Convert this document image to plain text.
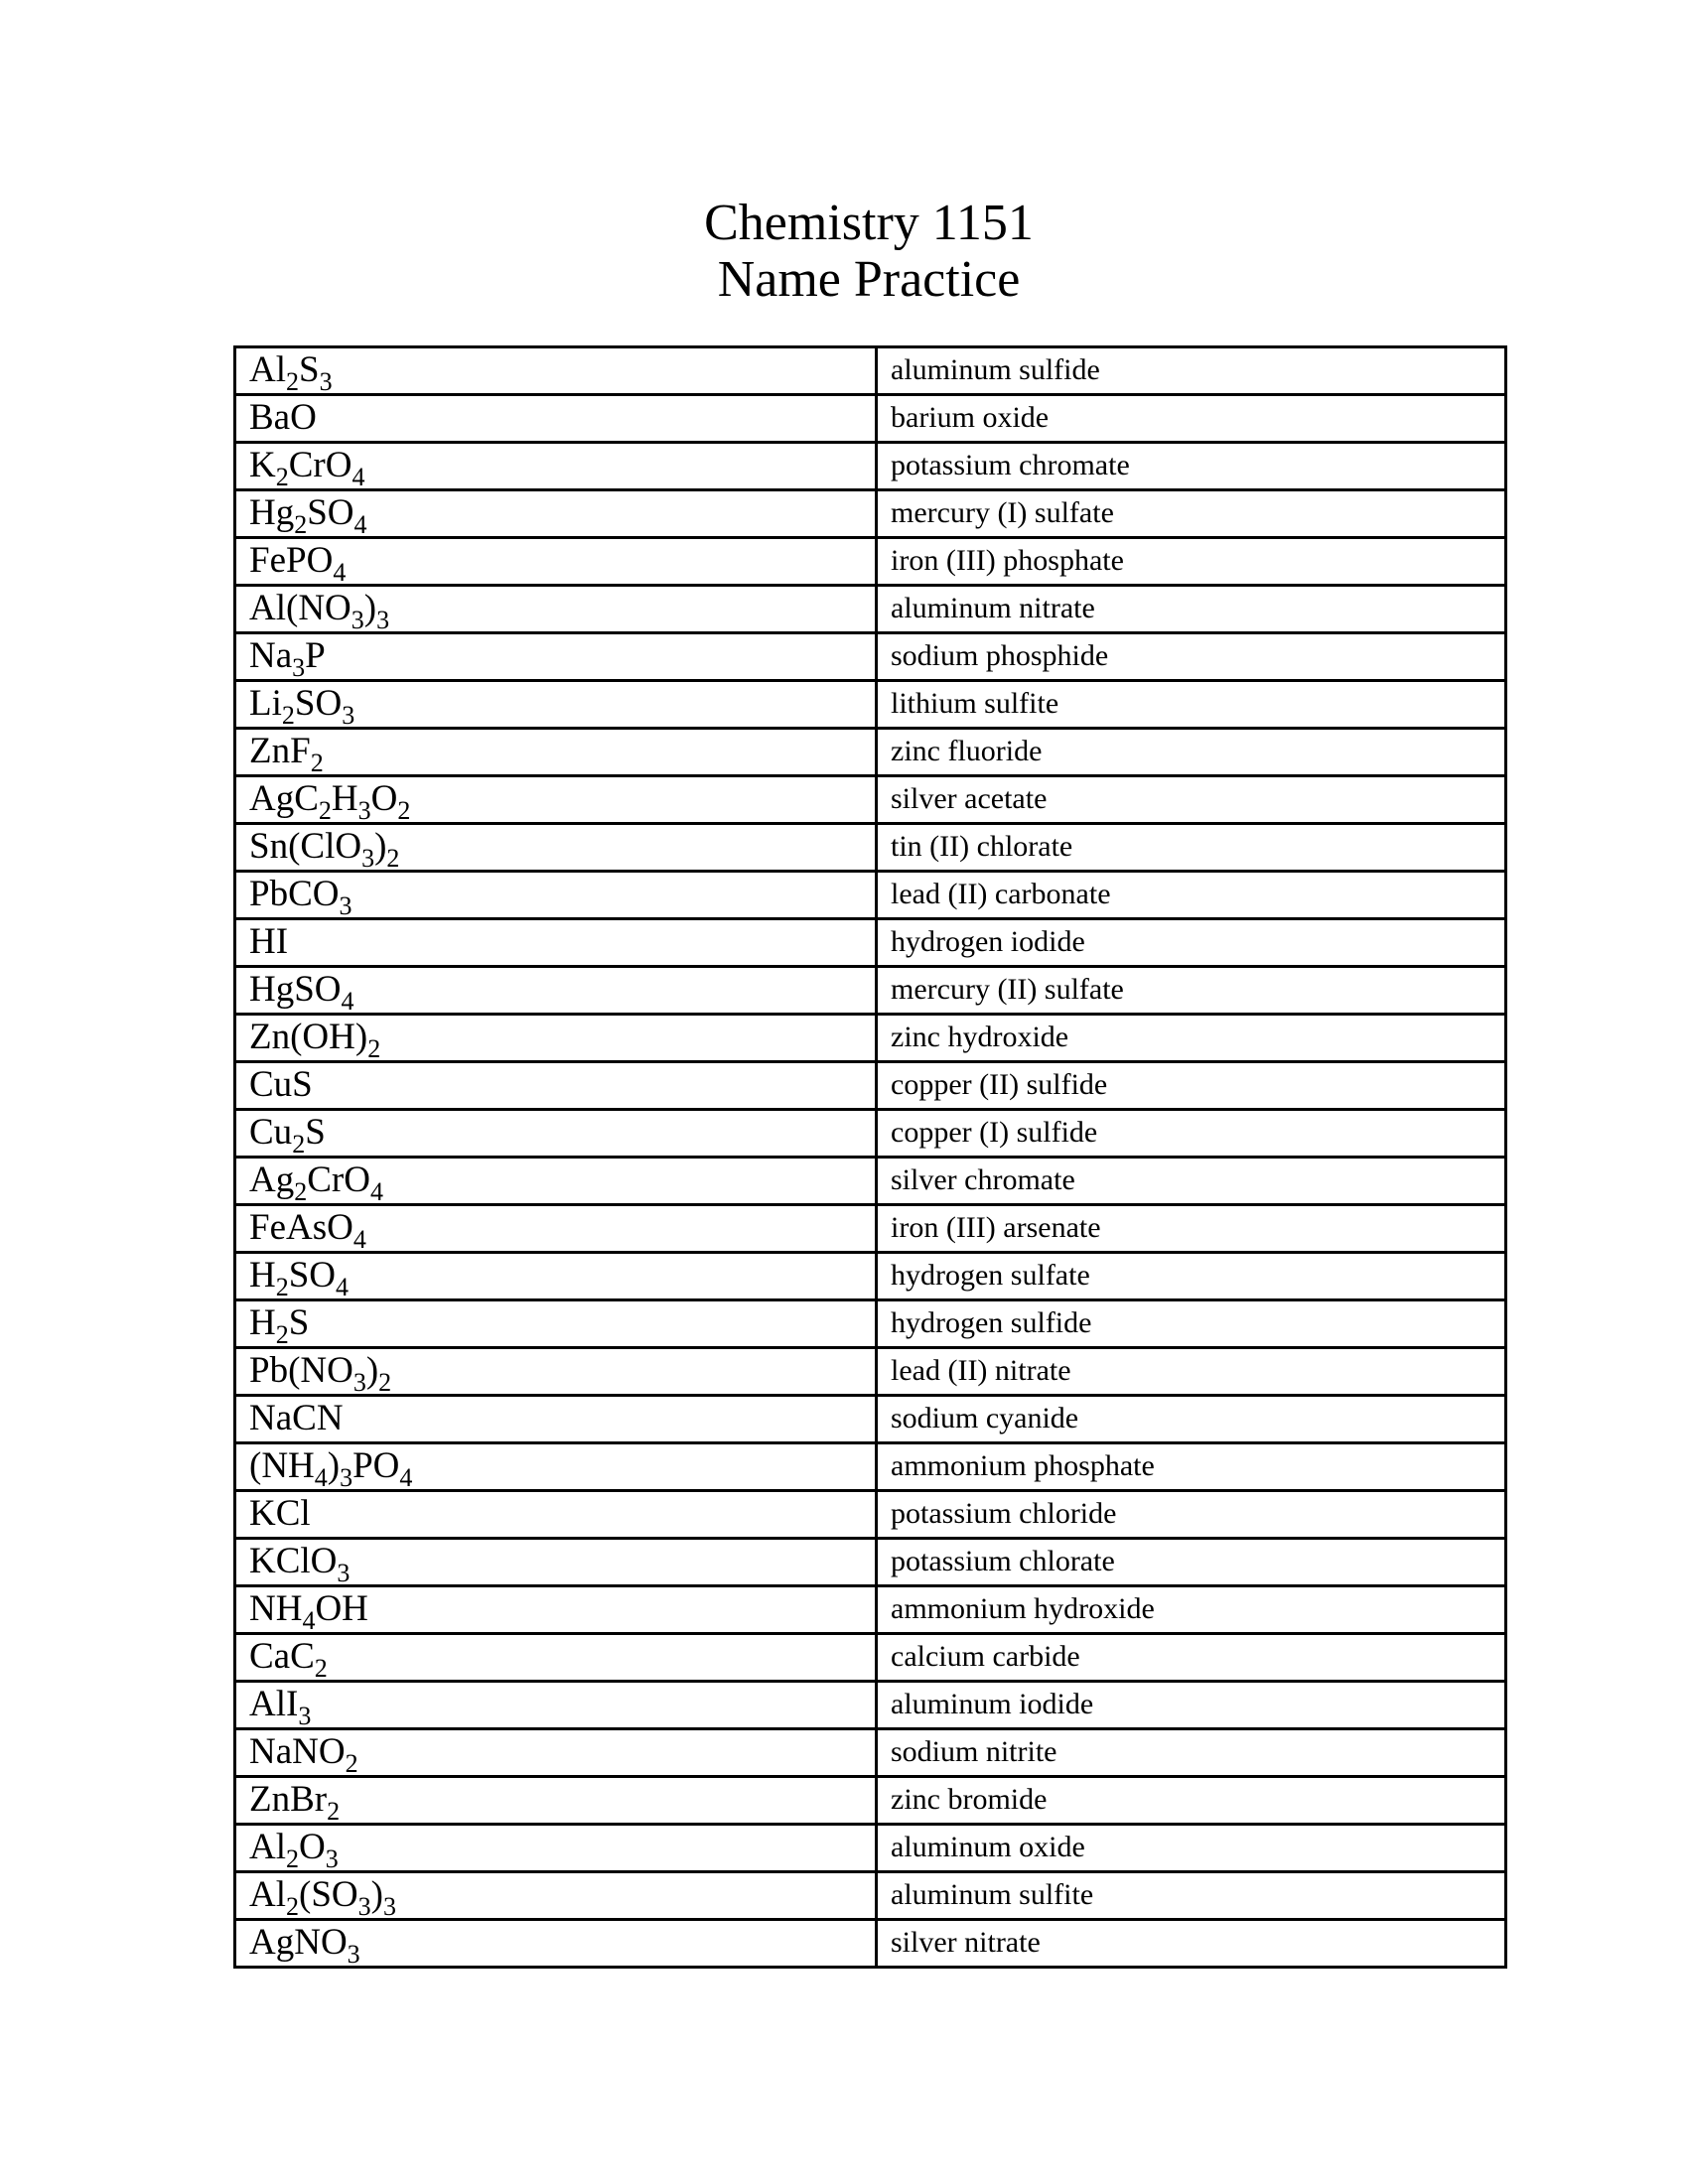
Chemistry 1151
Name Practice
$Al_2S_3$	aluminum sulfide
BaO	barium oxide
$K_2CrO_4$	potassium chromate
$Hg_2SO_4$	mercury (I) sulfate
FePO$_4$	iron (III) phosphate
$Al(NO_3)_3$	aluminum nitrate
$Na_3P$	sodium phosphide
$Li_2SO_3$	lithium sulfite
ZnF$_2$	zinc fluoride
$AgC_2H_3O_2$	silver acetate
$Sn(ClO_3)_2$	tin (II) chlorate
PbCO$_3$	lead (II) carbonate
HI	hydrogen iodide
HgSO$_4$	mercury (II) sulfate
$Zn(OH)_2$	zinc hydroxide
CuS	copper (II) sulfide
$Cu_2S$	copper (I) sulfide
$Ag_2CrO_4$	silver chromate
FeAsO$_4$	iron (III) arsenate
$H_2SO_4$	hydrogen sulfate
$H_2S$	hydrogen sulfide
$Pb(NO_3)_2$	lead (II) nitrate
NaCN	sodium cyanide
$(NH_4)_3PO_4$	ammonium phosphate
KCl	potassium chloride
KClO$_3$	potassium chlorate
$NH_4OH$	ammonium hydroxide
CaC$_2$	calcium carbide
AlI$_3$	aluminum iodide
NaNO$_2$	sodium nitrite
ZnBr$_2$	zinc bromide
$Al_2O_3$	aluminum oxide
$Al_2(SO_3)_3$	aluminum sulfite
AgNO$_3$	silver nitrate
